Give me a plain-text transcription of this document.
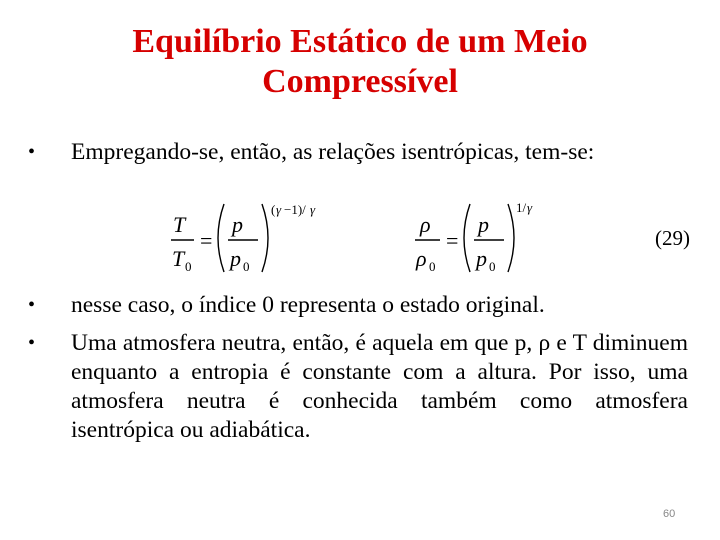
Equilíbrio Estático de um Meio
Compressível
• Empregando-se, então, as relações isentrópicas, tem-se:
T
T 0
=
p
p 0
( γ −1)/ γ
ρ
ρ 0
=
p
p 0
1/ γ
(29)
• nesse caso, o índice 0 representa o estado original.
• Uma atmosfera neutra, então, é aquela em que p, ρ e T diminuem enquanto a entropia é constante com a altura. Por isso, uma atmosfera neutra é conhecida também como atmosfera isentrópica ou adiabática.
60
